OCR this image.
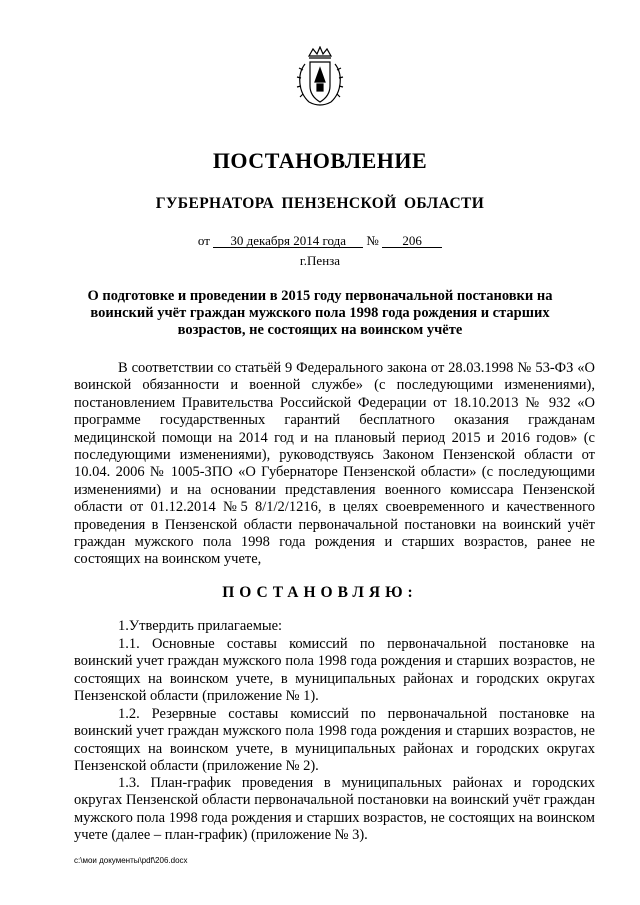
ПОСТАНОВЛЕНИЕ
ГУБЕРНАТОРА ПЕНЗЕНСКОЙ ОБЛАСТИ
от 30 декабря 2014 года № 206
г.Пенза
О подготовке и проведении в 2015 году первоначальной постановки на воинский учёт граждан мужского пола 1998 года рождения и старших возрастов, не состоящих на воинском учёте

В соответствии со статьёй 9 Федерального закона от 28.03.1998 № 53-ФЗ «О воинской обязанности и военной службе» (с последующими изменениями), постановлением Правительства Российской Федерации от 18.10.2013 № 932 «О программе государственных гарантий бесплатного оказания гражданам медицинской помощи на 2014 год и на плановый период 2015 и 2016 годов» (с последующими изменениями), руководствуясь Законом Пензенской области от 10.04. 2006 № 1005-ЗПО «О Губернаторе Пензенской области» (с последующими изменениями) и на основании представления военного комиссара Пензенской области от 01.12.2014 №5 8/1/2/1216, в целях своевременного и качественного проведения в Пензенской области первоначальной постановки на воинский учёт граждан мужского пола 1998 года рождения и старших возрастов, ранее не состоящих на воинском учете,

ПОСТАНОВЛЯЮ:
1.Утвердить прилагаемые:

1.1. Основные составы комиссий по первоначальной постановке на воинский учет граждан мужского пола 1998 года рождения и старших возрастов, не состоящих на воинском учете, в муниципальных районах и городских округах Пензенской области (приложение № 1).

1.2. Резервные составы комиссий по первоначальной постановке на воинский учет граждан мужского пола 1998 года рождения и старших возрастов, не состоящих на воинском учете, в муниципальных районах и городских округах Пензенской области (приложение № 2).

1.3. План-график проведения в муниципальных районах и городских округах Пензенской области первоначальной постановки на воинский учёт граждан мужского пола 1998 года рождения и старших возрастов, не состоящих на воинском учете (далее – план-график) (приложение № 3).

c:\мои документы\pdf\206.docx
